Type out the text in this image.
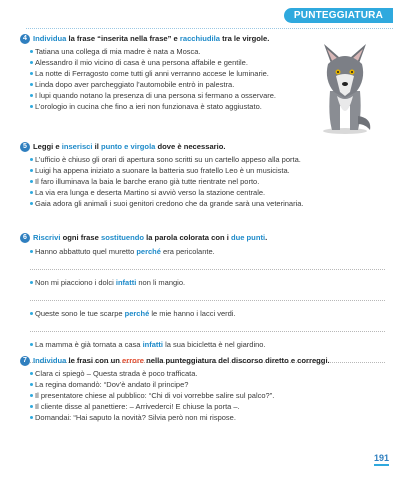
PUNTEGGIATURA
4 Individua la frase “inserita nella frase” e racchiudila tra le virgole.
Tatiana una collega di mia madre è nata a Mosca.
Alessandro il mio vicino di casa è una persona affabile e gentile.
La notte di Ferragosto come tutti gli anni verranno accese le luminarie.
Linda dopo aver parcheggiato l’automobile entrò in palestra.
I lupi quando notano la presenza di una persona si fermano a osservare.
L’orologio in cucina che fino a ieri non funzionava è stato aggiustato.
5 Leggi e inserisci il punto e virgola dove è necessario.
L’ufficio è chiuso gli orari di apertura sono scritti su un cartello appeso alla porta.
Luigi ha appena iniziato a suonare la batteria suo fratello Leo è un musicista.
Il faro illuminava la baia le barche erano già tutte rientrate nel porto.
La via era lunga e deserta Martino si avviò verso la stazione centrale.
Gaia adora gli animali i suoi genitori credono che da grande sarà una veterinaria.
6 Riscrivi ogni frase sostituendo la parola colorata con i due punti.
Hanno abbattuto quel muretto perché era pericolante.
Non mi piacciono i dolci infatti non li mangio.
Queste sono le tue scarpe perché le mie hanno i lacci verdi.
La mamma è già tornata a casa infatti la sua bicicletta è nel giardino.
7 Individua le frasi con un errore nella punteggiatura del discorso diretto e correggi.
Clara ci spiegò – Questa strada è poco trafficata.
La regina domandò: “Dov’è andato il principe?
Il presentatore chiese al pubblico: “Chi di voi vorrebbe salire sul palco?”.
Il cliente disse al panettiere: – Arrivederci! E chiuse la porta –.
Domandai: “Hai saputo la novità? Silvia però non mi rispose.
191
